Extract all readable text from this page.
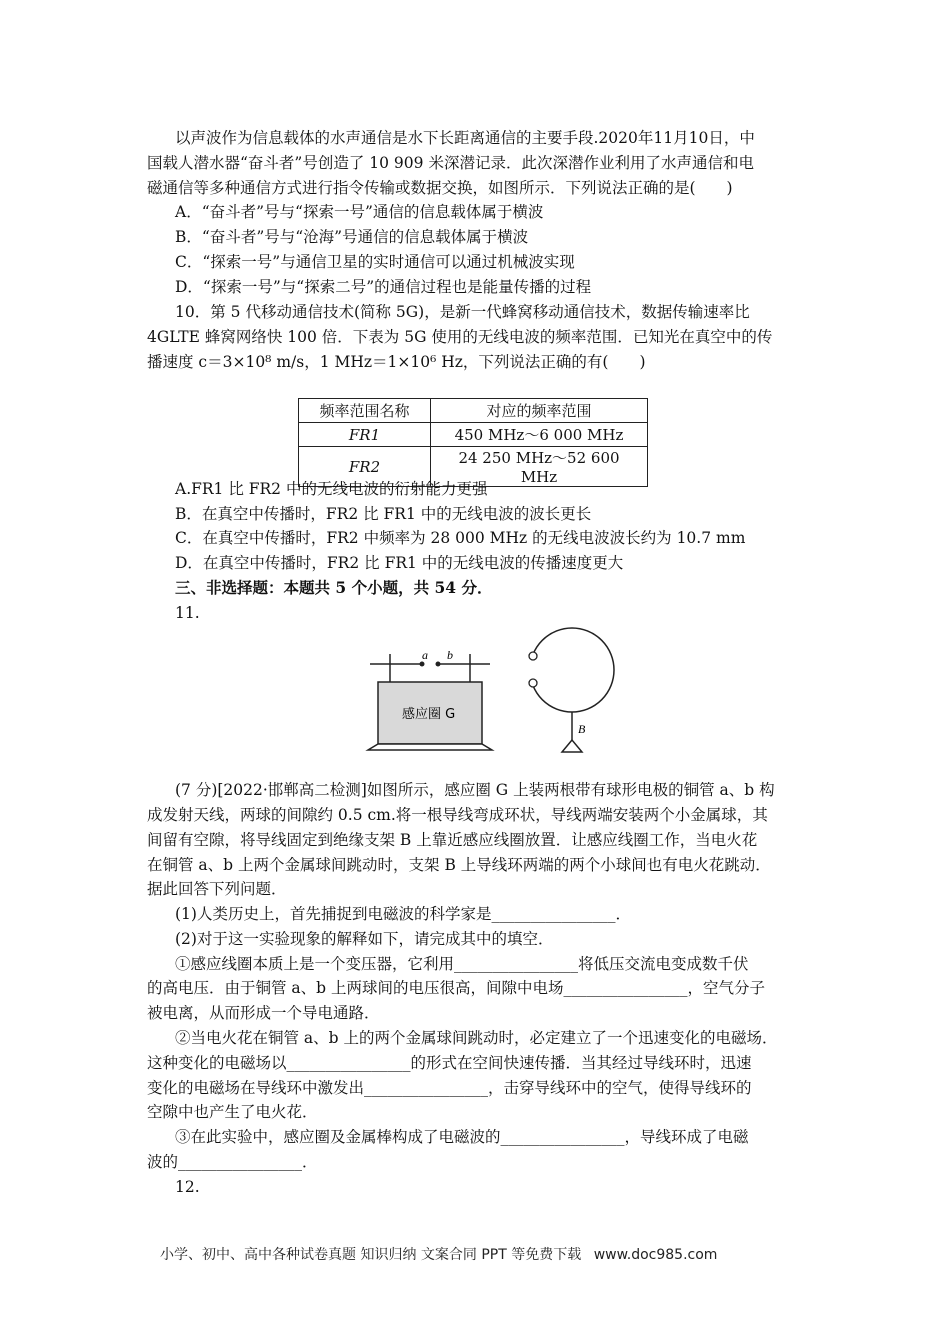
以声波作为信息载体的水声通信是水下长距离通信的主要手段.2020年11月10日，中
国载人潜水器“奋斗者”号创造了 10 909 米深潜记录．此次深潜作业利用了水声通信和电
磁通信等多种通信方式进行指令传输或数据交换，如图所示．下列说法正确的是(　　)
A．“奋斗者”号与“探索一号”通信的信息载体属于横波
B．“奋斗者”号与“沧海”号通信的信息载体属于横波
C．“探索一号”与通信卫星的实时通信可以通过机械波实现
D．“探索一号”与“探索二号”的通信过程也是能量传播的过程
10．第 5 代移动通信技术(简称 5G)，是新一代蜂窝移动通信技术，数据传输速率比
4GLTE 蜂窝网络快 100 倍．下表为 5G 使用的无线电波的频率范围．已知光在真空中的传
播速度 c＝3×10⁸ m/s，1 MHz＝1×10⁶ Hz，下列说法正确的有(　　)
频率范围名称	对应的频率范围
FR1	450 MHz～6 000 MHz
FR2	24 250 MHz～52 600 MHz
A.FR1 比 FR2 中的无线电波的衍射能力更强
B．在真空中传播时，FR2 比 FR1 中的无线电波的波长更长
C．在真空中传播时，FR2 中频率为 28 000 MHz 的无线电波波长约为 10.7 mm
D．在真空中传播时，FR2 比 FR1 中的无线电波的传播速度更大
三、非选择题：本题共 5 个小题，共 54 分．
11.
a b
感应圈 G
B
(7 分)[2022·邯郸高二检测]如图所示，感应圈 G 上装两根带有球形电极的铜管 a、b 构
成发射天线，两球的间隙约 0.5 cm.将一根导线弯成环状，导线两端安装两个小金属球，其
间留有空隙，将导线固定到绝缘支架 B 上靠近感应线圈放置．让感应线圈工作，当电火花
在铜管 a、b 上两个金属球间跳动时，支架 B 上导线环两端的两个小球间也有电火花跳动．
据此回答下列问题．
(1)人类历史上，首先捕捉到电磁波的科学家是________________．
(2)对于这一实验现象的解释如下，请完成其中的填空．
①感应线圈本质上是一个变压器，它利用________________将低压交流电变成数千伏
的高电压．由于铜管 a、b 上两球间的电压很高，间隙中电场________________，空气分子
被电离，从而形成一个导电通路．
②当电火花在铜管 a、b 上的两个金属球间跳动时，必定建立了一个迅速变化的电磁场．
这种变化的电磁场以________________的形式在空间快速传播．当其经过导线环时，迅速
变化的电磁场在导线环中激发出________________，击穿导线环中的空气，使得导线环的
空隙中也产生了电火花．
③在此实验中，感应圈及金属棒构成了电磁波的________________，导线环成了电磁
波的________________．
12.
小学、初中、高中各种试卷真题 知识归纳 文案合同 PPT 等免费下载 www.doc985.com
